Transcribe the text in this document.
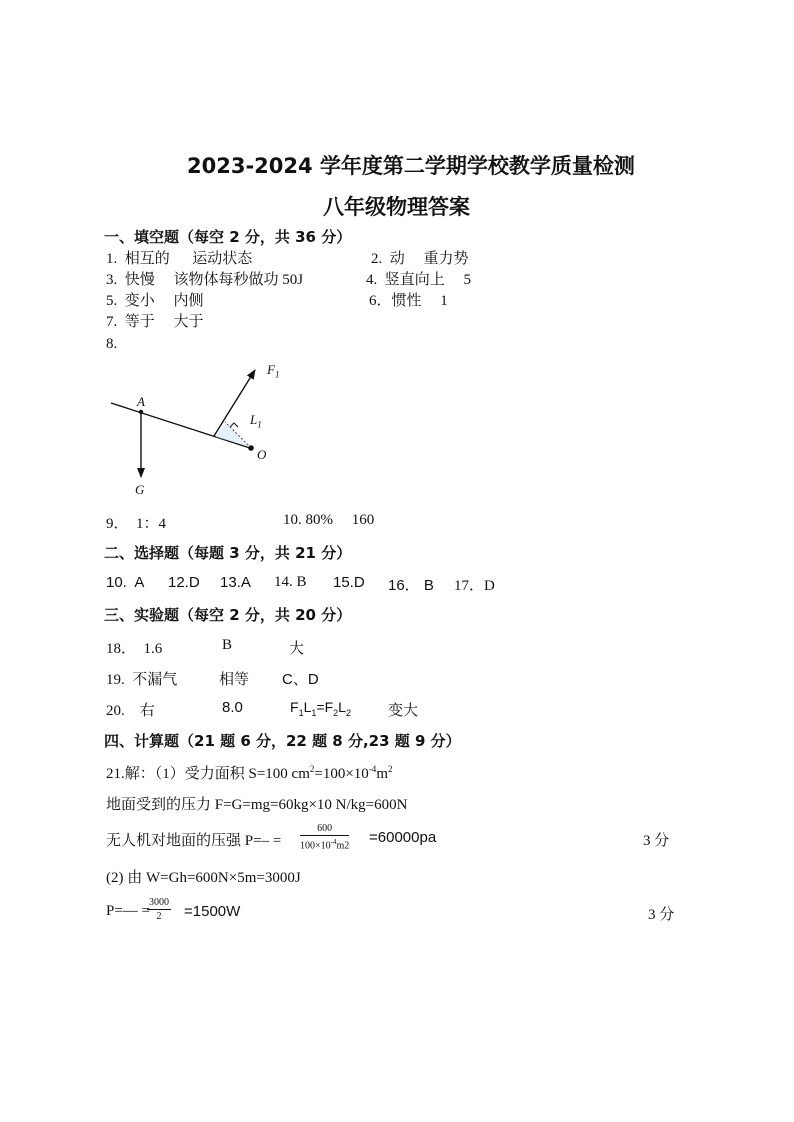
2023-2024 学年度第二学期学校教学质量检测
八年级物理答案
一、填空题（每空 2 分，共 36 分）
1.  相互的      运动状态	2.  动     重力势
3.  快慢     该物体每秒做功 50J	4.  竖直向上     5
5.  变小     内侧	6．惯性     1
7.  等于     大于
8.
$F_1$
$L_1$
A
O
G
9．  1：4	10. 80%     160
二、选择题（每题 3 分，共 21 分）
10.  A 12.D 13.A 14. B 15.D 16． B 17．D
三、实验题（每空 2 分，共 20 分）
18．  1.6	B	大
19.  不漏气	相等 C、D
20.    右	8.0	$F_1L_1=F_2L_2$ 变大
四、计算题（21 题 6 分，22 题 8 分,23 题 9 分）
21.解：（1）受力面积 S=100 $cm^2=100\times 10^{-4}m^2$
地面受到的压力 F=G=mg=60kg×10 N/kg=600N
无人机对地面的压强 $P=- = \frac{600}{100\times 10^{-4}m2} =60000pa$	3 分
(2) 由 W=Gh=600N×5m=3000J
P=— =
$\frac{3000}{2} =1500W$	3 分
